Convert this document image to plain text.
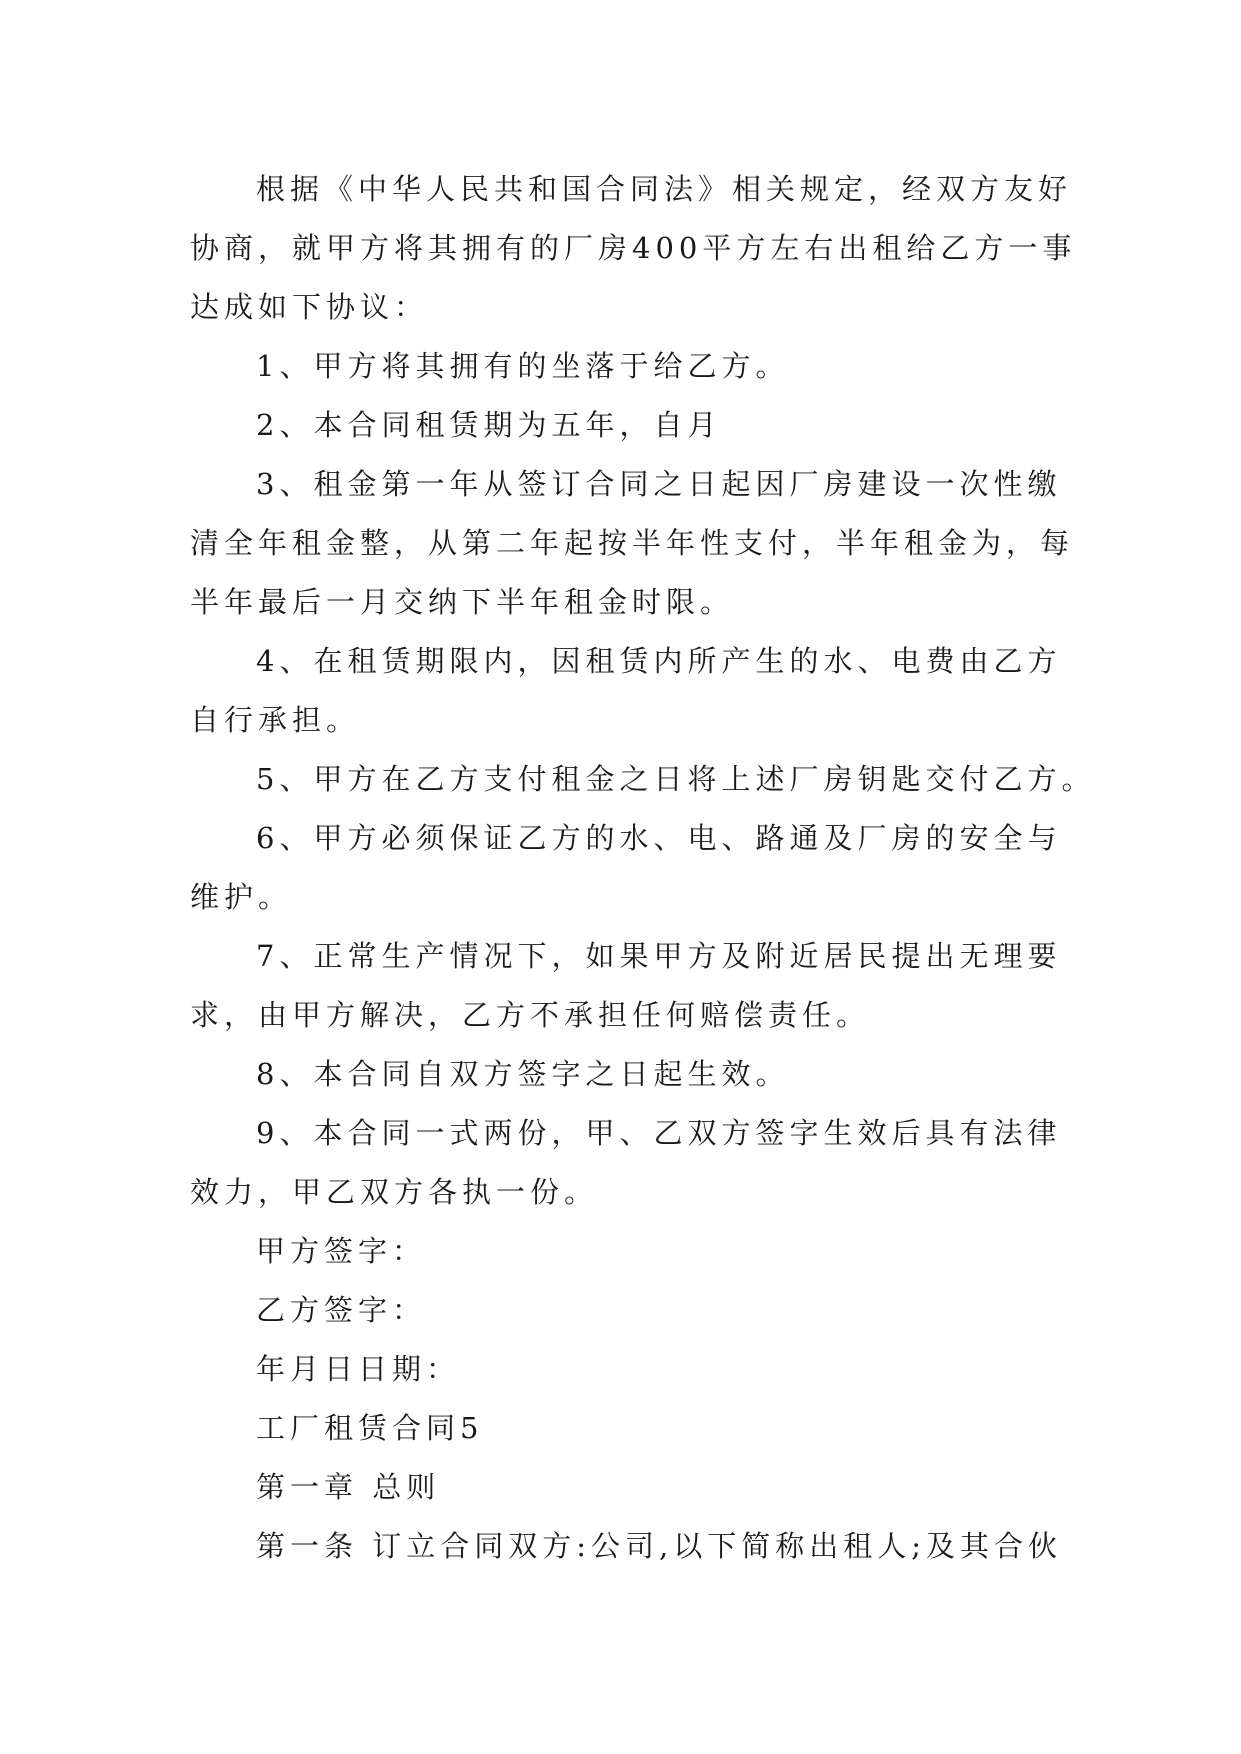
根据《中华人民共和国合同法》相关规定，经双方友好
协商，就甲方将其拥有的厂房400平方左右出租给乙方一事
达成如下协议：
1、甲方将其拥有的坐落于给乙方。
2、本合同租赁期为五年，自月
3、租金第一年从签订合同之日起因厂房建设一次性缴
清全年租金整，从第二年起按半年性支付，半年租金为，每
半年最后一月交纳下半年租金时限。
4、在租赁期限内，因租赁内所产生的水、电费由乙方
自行承担。
5、甲方在乙方支付租金之日将上述厂房钥匙交付乙方。
6、甲方必须保证乙方的水、电、路通及厂房的安全与
维护。
7、正常生产情况下，如果甲方及附近居民提出无理要
求，由甲方解决，乙方不承担任何赔偿责任。
8、本合同自双方签字之日起生效。
9、本合同一式两份，甲、乙双方签字生效后具有法律
效力，甲乙双方各执一份。
甲方签字：
乙方签字：
年月日日期：
工厂租赁合同5
第一章 总则
第一条 订立合同双方:公司,以下简称出租人;及其合伙
